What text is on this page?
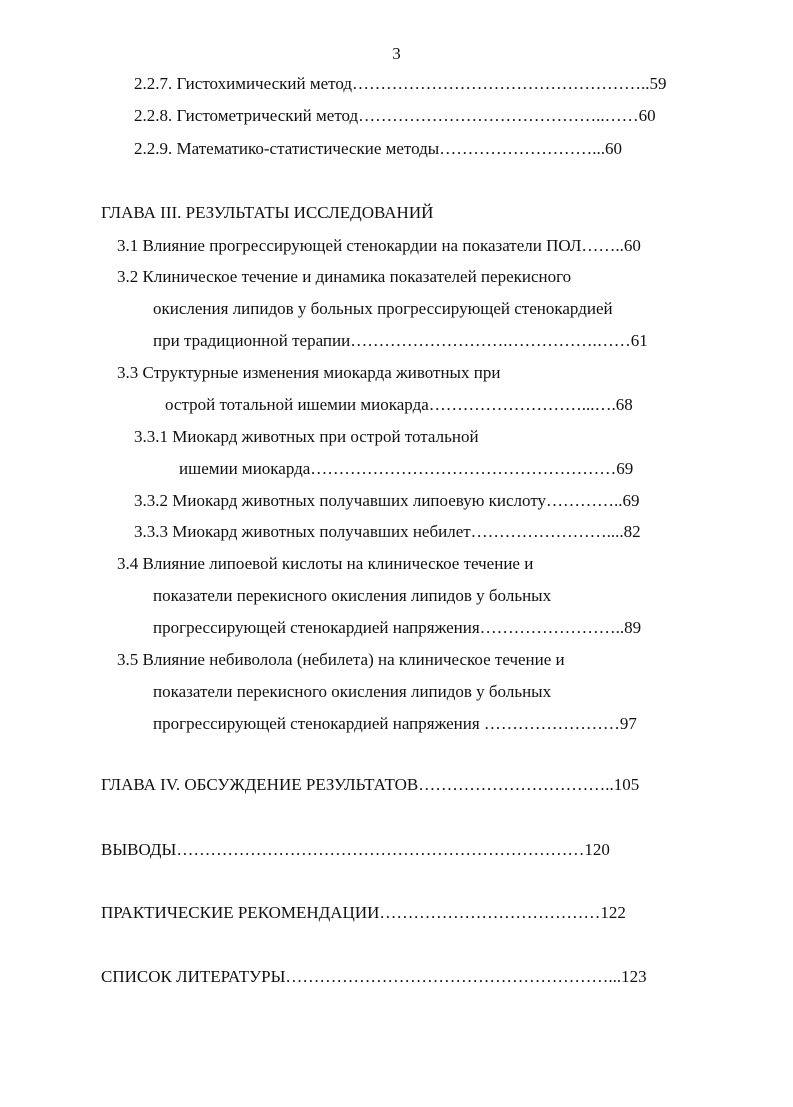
3
2.2.7. Гистохимический метод……………………………………………..59
2.2.8. Гистометрический метод……………………………………..……60
2.2.9. Математико-статистические методы………………………...60
ГЛАВА III. РЕЗУЛЬТАТЫ ИССЛЕДОВАНИЙ
3.1 Влияние прогрессирующей стенокардии на показатели ПОЛ……..60
3.2 Клиническое течение и динамика показателей перекисного
окисления липидов у больных прогрессирующей стенокардией
при традиционной терапии……………………….…………….……61
3.3 Структурные изменения миокарда животных при
острой тотальной ишемии миокарда………………………...….68
3.3.1 Миокард животных при острой тотальной
ишемии миокарда………………………………………………69
3.3.2 Миокард животных получавших липоевую кислоту…………..69
3.3.3 Миокард животных получавших небилет……………………....82
3.4 Влияние липоевой кислоты на клиническое течение и
показатели перекисного окисления липидов у больных
прогрессирующей стенокардией напряжения……………………..89
3.5 Влияние небиволола (небилета) на клиническое течение и
показатели перекисного окисления липидов у больных
прогрессирующей стенокардией напряжения ……………………97
ГЛАВА IV. ОБСУЖДЕНИЕ РЕЗУЛЬТАТОВ……………………………..105
ВЫВОДЫ………………………………………………………………120
ПРАКТИЧЕСКИЕ РЕКОМЕНДАЦИИ…………………………………122
СПИСОК ЛИТЕРАТУРЫ…………………………………………………...123
